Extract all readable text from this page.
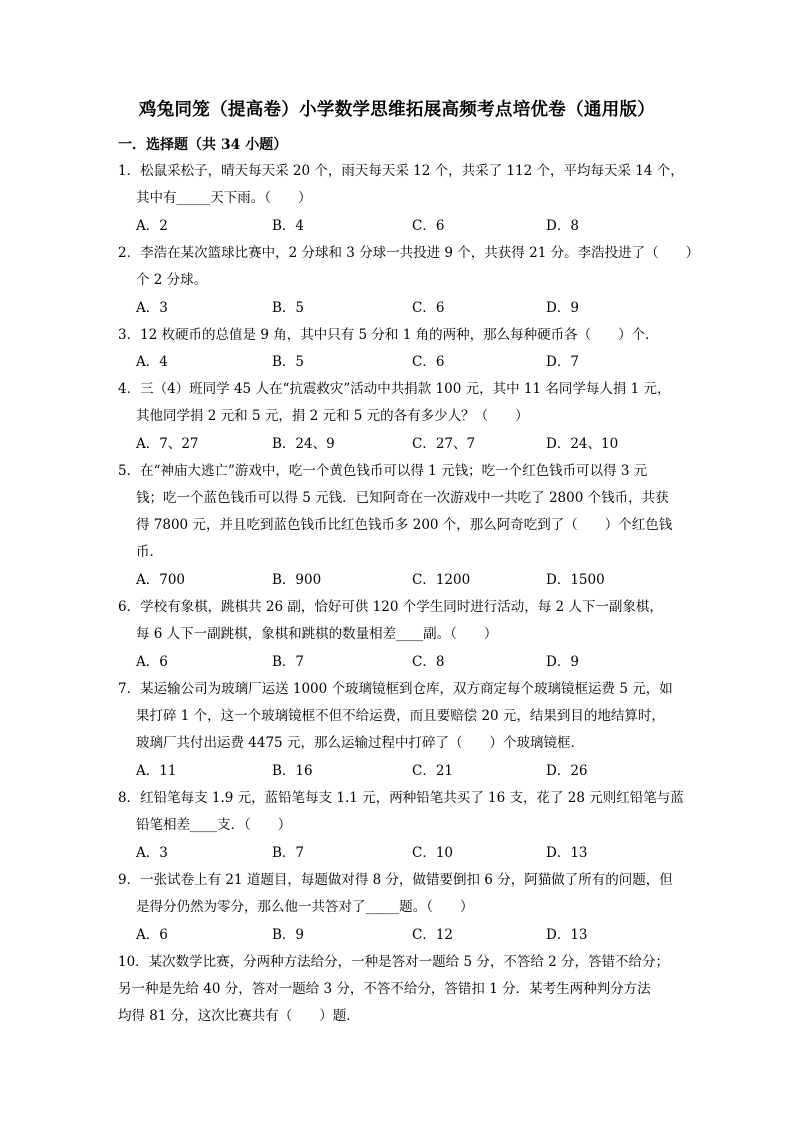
鸡兔同笼（提高卷）小学数学思维拓展高频考点培优卷（通用版）
一．选择题（共 34 小题）
1．松鼠采松子，晴天每天采 20 个，雨天每天采 12 个，共采了 112 个，平均每天采 14 个，
其中有_____天下雨。（　　）
A．2	B．4	C．6	D．8
2．李浩在某次篮球比赛中，2 分球和 3 分球一共投进 9 个，共获得 21 分。李浩投进了（　　）
个 2 分球。
A．3	B．5	C．6	D．9
3．12 枚硬币的总值是 9 角，其中只有 5 分和 1 角的两种，那么每种硬币各（　　）个．
A．4	B．5	C．6	D．7
4．三（4）班同学 45 人在“抗震救灾”活动中共捐款 100 元，其中 11 名同学每人捐 1 元，
其他同学捐 2 元和 5 元，捐 2 元和 5 元的各有多少人？（　　）
A．7、27	B．24、9	C．27、7	D．24、10
5．在“神庙大逃亡”游戏中，吃一个黄色钱币可以得 1 元钱；吃一个红色钱币可以得 3 元
钱；吃一个蓝色钱币可以得 5 元钱．已知阿奇在一次游戏中一共吃了 2800 个钱币，共获
得 7800 元，并且吃到蓝色钱币比红色钱币多 200 个，那么阿奇吃到了（　　）个红色钱
币．
A．700	B．900	C．1200	D．1500
6．学校有象棋，跳棋共 26 副，恰好可供 120 个学生同时进行活动，每 2 人下一副象棋，
每 6 人下一副跳棋，象棋和跳棋的数量相差____副。（　　）
A．6	B．7	C．8	D．9
7．某运输公司为玻璃厂运送 1000 个玻璃镜框到仓库，双方商定每个玻璃镜框运费 5 元，如
果打碎 1 个，这一个玻璃镜框不但不给运费，而且要赔偿 20 元，结果到目的地结算时，
玻璃厂共付出运费 4475 元，那么运输过程中打碎了（　　）个玻璃镜框．
A．11	B．16	C．21	D．26
8．红铅笔每支 1.9 元，蓝铅笔每支 1.1 元，两种铅笔共买了 16 支，花了 28 元则红铅笔与蓝
铅笔相差____支．（　　）
A．3	B．7	C．10	D．13
9．一张试卷上有 21 道题目，每题做对得 8 分，做错要倒扣 6 分，阿猫做了所有的问题，但
是得分仍然为零分，那么他一共答对了_____题。（　　）
A．6	B．9	C．12	D．13
10．某次数学比赛，分两种方法给分，一种是答对一题给 5 分，不答给 2 分，答错不给分；
另一种是先给 40 分，答对一题给 3 分，不答不给分，答错扣 1 分．某考生两种判分方法
均得 81 分，这次比赛共有（　　）题．
